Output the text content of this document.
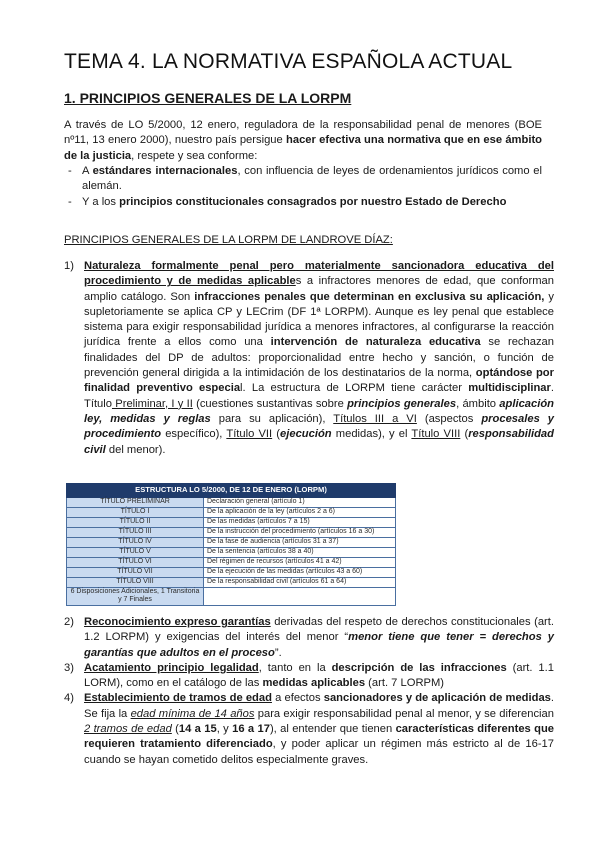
TEMA 4. LA NORMATIVA ESPAÑOLA ACTUAL
1. PRINCIPIOS GENERALES DE LA LORPM
A través de LO 5/2000, 12 enero, reguladora de la responsabilidad penal de menores (BOE nº11, 13 enero 2000), nuestro país persigue hacer efectiva una normativa que en ese ámbito de la justicia, respete y sea conforme:
- A estándares internacionales, con influencia de leyes de ordenamientos jurídicos como el alemán.
- Y a los principios constitucionales consagrados por nuestro Estado de Derecho
PRINCIPIOS GENERALES DE LA LORPM DE LANDROVE DÍAZ:
1) Naturaleza formalmente penal pero materialmente sancionadora educativa del procedimiento y de medidas aplicables a infractores menores de edad, que conforman amplio catálogo. Son infracciones penales que determinan en exclusiva su aplicación, y supletoriamente se aplica CP y LECrim (DF 1ª LORPM). Aunque es ley penal que establece sistema para exigir responsabilidad jurídica a menores infractores, al configurarse la reacción jurídica frente a ellos como una intervención de naturaleza educativa se rechazan finalidades del DP de adultos: proporcionalidad entre hecho y sanción, o función de prevención general dirigida a la intimidación de los destinatarios de la norma, optándose por finalidad preventivo especial. La estructura de LORPM tiene carácter multidisciplinar. Título Preliminar, I y II (cuestiones sustantivas sobre principios generales, ámbito aplicación ley, medidas y reglas para su aplicación), Títulos III a VI (aspectos procesales y procedimiento específico), Título VII (ejecución medidas), y el Título VIII (responsabilidad civil del menor).
ESTRUCTURA LO 5/2000, DE 12 DE ENERO (LORPM)	
TÍTULO PRELIMINAR	Declaración general (artículo 1)
TÍTULO I	De la aplicación de la ley (artículos 2 a 6)
TÍTULO II	De las medidas (artículos 7 a 15)
TÍTULO III	De la instrucción del procedimiento (artículos 16 a 30)
TÍTULO IV	De la fase de audiencia (artículos 31 a 37)
TÍTULO V	De la sentencia (artículos 38 a 40)
TÍTULO VI	Del régimen de recursos (artículos 41 a 42)
TÍTULO VII	De la ejecución de las medidas (artículos 43 a 60)
TÍTULO VIII	De la responsabilidad civil (artículos 61 a 64)
6 Disposiciones Adicionales, 1 Transitoria y 7 Finales	
2) Reconocimiento expreso garantías derivadas del respeto de derechos constitucionales (art. 1.2 LORPM) y exigencias del interés del menor “menor tiene que tener = derechos y garantías que adultos en el proceso”.
3) Acatamiento principio legalidad, tanto en la descripción de las infracciones (art. 1.1 LORM), como en el catálogo de las medidas aplicables (art. 7 LORPM)
4) Establecimiento de tramos de edad a efectos sancionadores y de aplicación de medidas. Se fija la edad mínima de 14 años para exigir responsabilidad penal al menor, y se diferencian 2 tramos de edad (14 a 15, y 16 a 17), al entender que tienen características diferentes que requieren tratamiento diferenciado, y poder aplicar un régimen más estricto al de 16-17 cuando se hayan cometido delitos especialmente graves.
